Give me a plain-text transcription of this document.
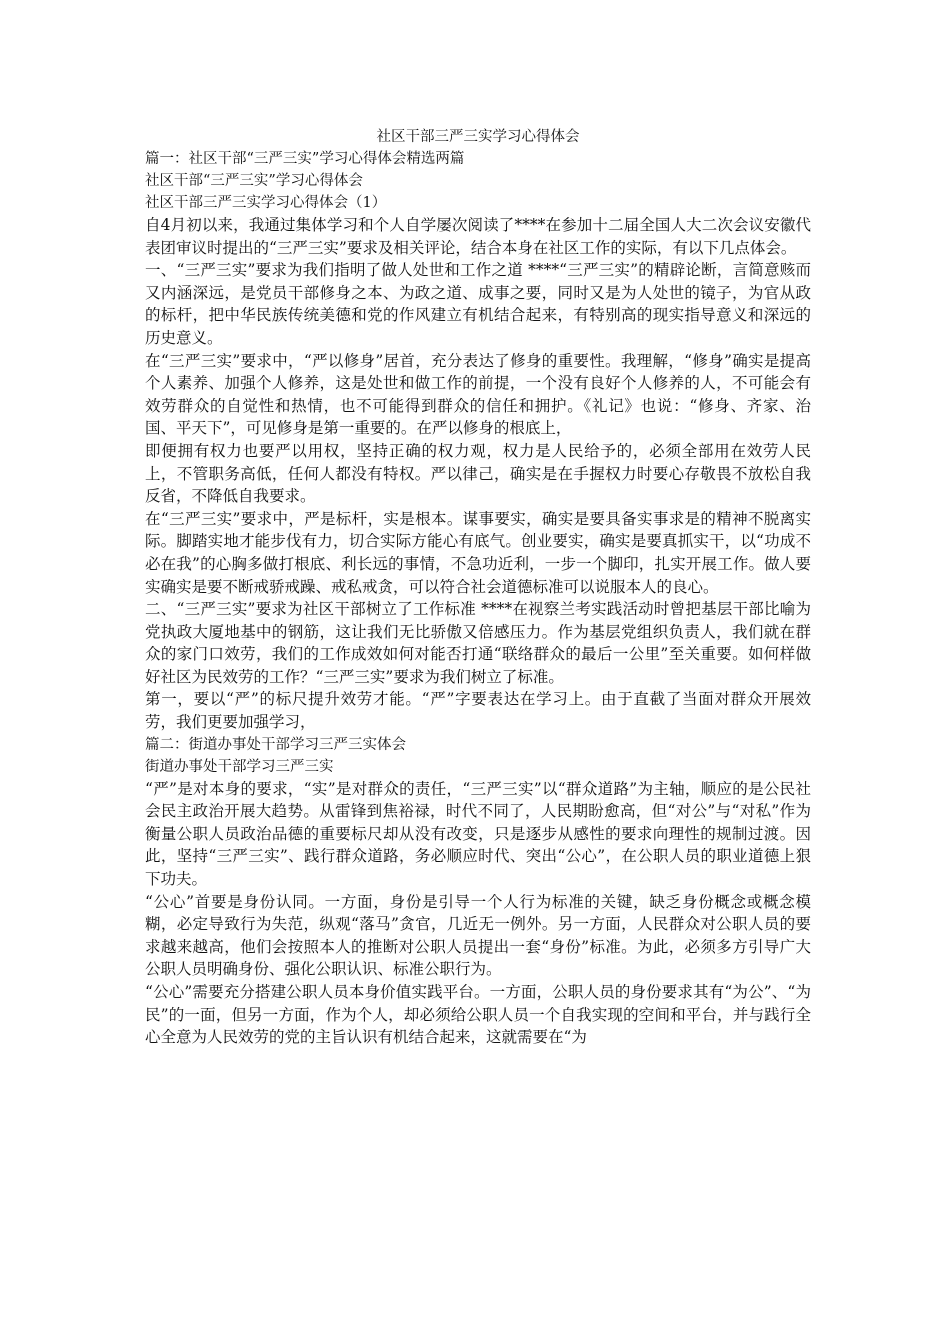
社区干部三严三实学习心得体会

篇一：社区干部“三严三实”学习心得体会精选两篇

社区干部“三严三实”学习心得体会

社区干部三严三实学习心得体会（1）

自4月初以来，我通过集体学习和个人自学屡次阅读了****在参加十二届全国人大二次会议安徽代表团审议时提出的“三严三实”要求及相关评论，结合本身在社区工作的实际，有以下几点体会。

一、“三严三实”要求为我们指明了做人处世和工作之道 ****“三严三实”的精辟论断，言简意赅而又内涵深远，是党员干部修身之本、为政之道、成事之要，同时又是为人处世的镜子，为官从政的标杆，把中华民族传统美德和党的作风建立有机结合起来，有特别高的现实指导意义和深远的历史意义。

在“三严三实”要求中，“严以修身”居首，充分表达了修身的重要性。我理解，“修身”确实是提高个人素养、加强个人修养，这是处世和做工作的前提，一个没有良好个人修养的人，不可能会有效劳群众的自觉性和热情，也不可能得到群众的信任和拥护。《礼记》也说：“修身、齐家、治国、平天下”，可见修身是第一重要的。在严以修身的根底上，

即便拥有权力也要严以用权，坚持正确的权力观，权力是人民给予的，必须全部用在效劳人民上，不管职务高低，任何人都没有特权。严以律己，确实是在手握权力时要心存敬畏不放松自我反省，不降低自我要求。

在“三严三实”要求中，严是标杆，实是根本。谋事要实，确实是要具备实事求是的精神不脱离实际。脚踏实地才能步伐有力，切合实际方能心有底气。创业要实，确实是要真抓实干，以“功成不必在我”的心胸多做打根底、利长远的事情，不急功近利，一步一个脚印，扎实开展工作。做人要实确实是要不断戒骄戒躁、戒私戒贪，可以符合社会道德标准可以说服本人的良心。

二、“三严三实”要求为社区干部树立了工作标准 ****在视察兰考实践活动时曾把基层干部比喻为党执政大厦地基中的钢筋，这让我们无比骄傲又倍感压力。作为基层党组织负责人，我们就在群众的家门口效劳，我们的工作成效如何对能否打通“联络群众的最后一公里”至关重要。如何样做好社区为民效劳的工作？“三严三实”要求为我们树立了标准。

第一，要以“严”的标尺提升效劳才能。“严”字要表达在学习上。由于直截了当面对群众开展效劳，我们更要加强学习，

篇二：街道办事处干部学习三严三实体会

街道办事处干部学习三严三实

“严”是对本身的要求，“实”是对群众的责任，“三严三实”以“群众道路”为主轴，顺应的是公民社会民主政治开展大趋势。从雷锋到焦裕禄，时代不同了，人民期盼愈高，但“对公”与“对私”作为衡量公职人员政治品德的重要标尺却从没有改变，只是逐步从感性的要求向理性的规制过渡。因此，坚持“三严三实”、践行群众道路，务必顺应时代、突出“公心”，在公职人员的职业道德上狠下功夫。

“公心”首要是身份认同。一方面，身份是引导一个人行为标准的关键，缺乏身份概念或概念模糊，必定导致行为失范，纵观“落马”贪官，几近无一例外。另一方面，人民群众对公职人员的要求越来越高，他们会按照本人的推断对公职人员提出一套“身份”标准。为此，必须多方引导广大公职人员明确身份、强化公职认识、标准公职行为。

“公心”需要充分搭建公职人员本身价值实践平台。一方面，公职人员的身份要求其有“为公”、“为民”的一面，但另一方面，作为个人，却必须给公职人员一个自我实现的空间和平台，并与践行全心全意为人民效劳的党的主旨认识有机结合起来，这就需要在“为
